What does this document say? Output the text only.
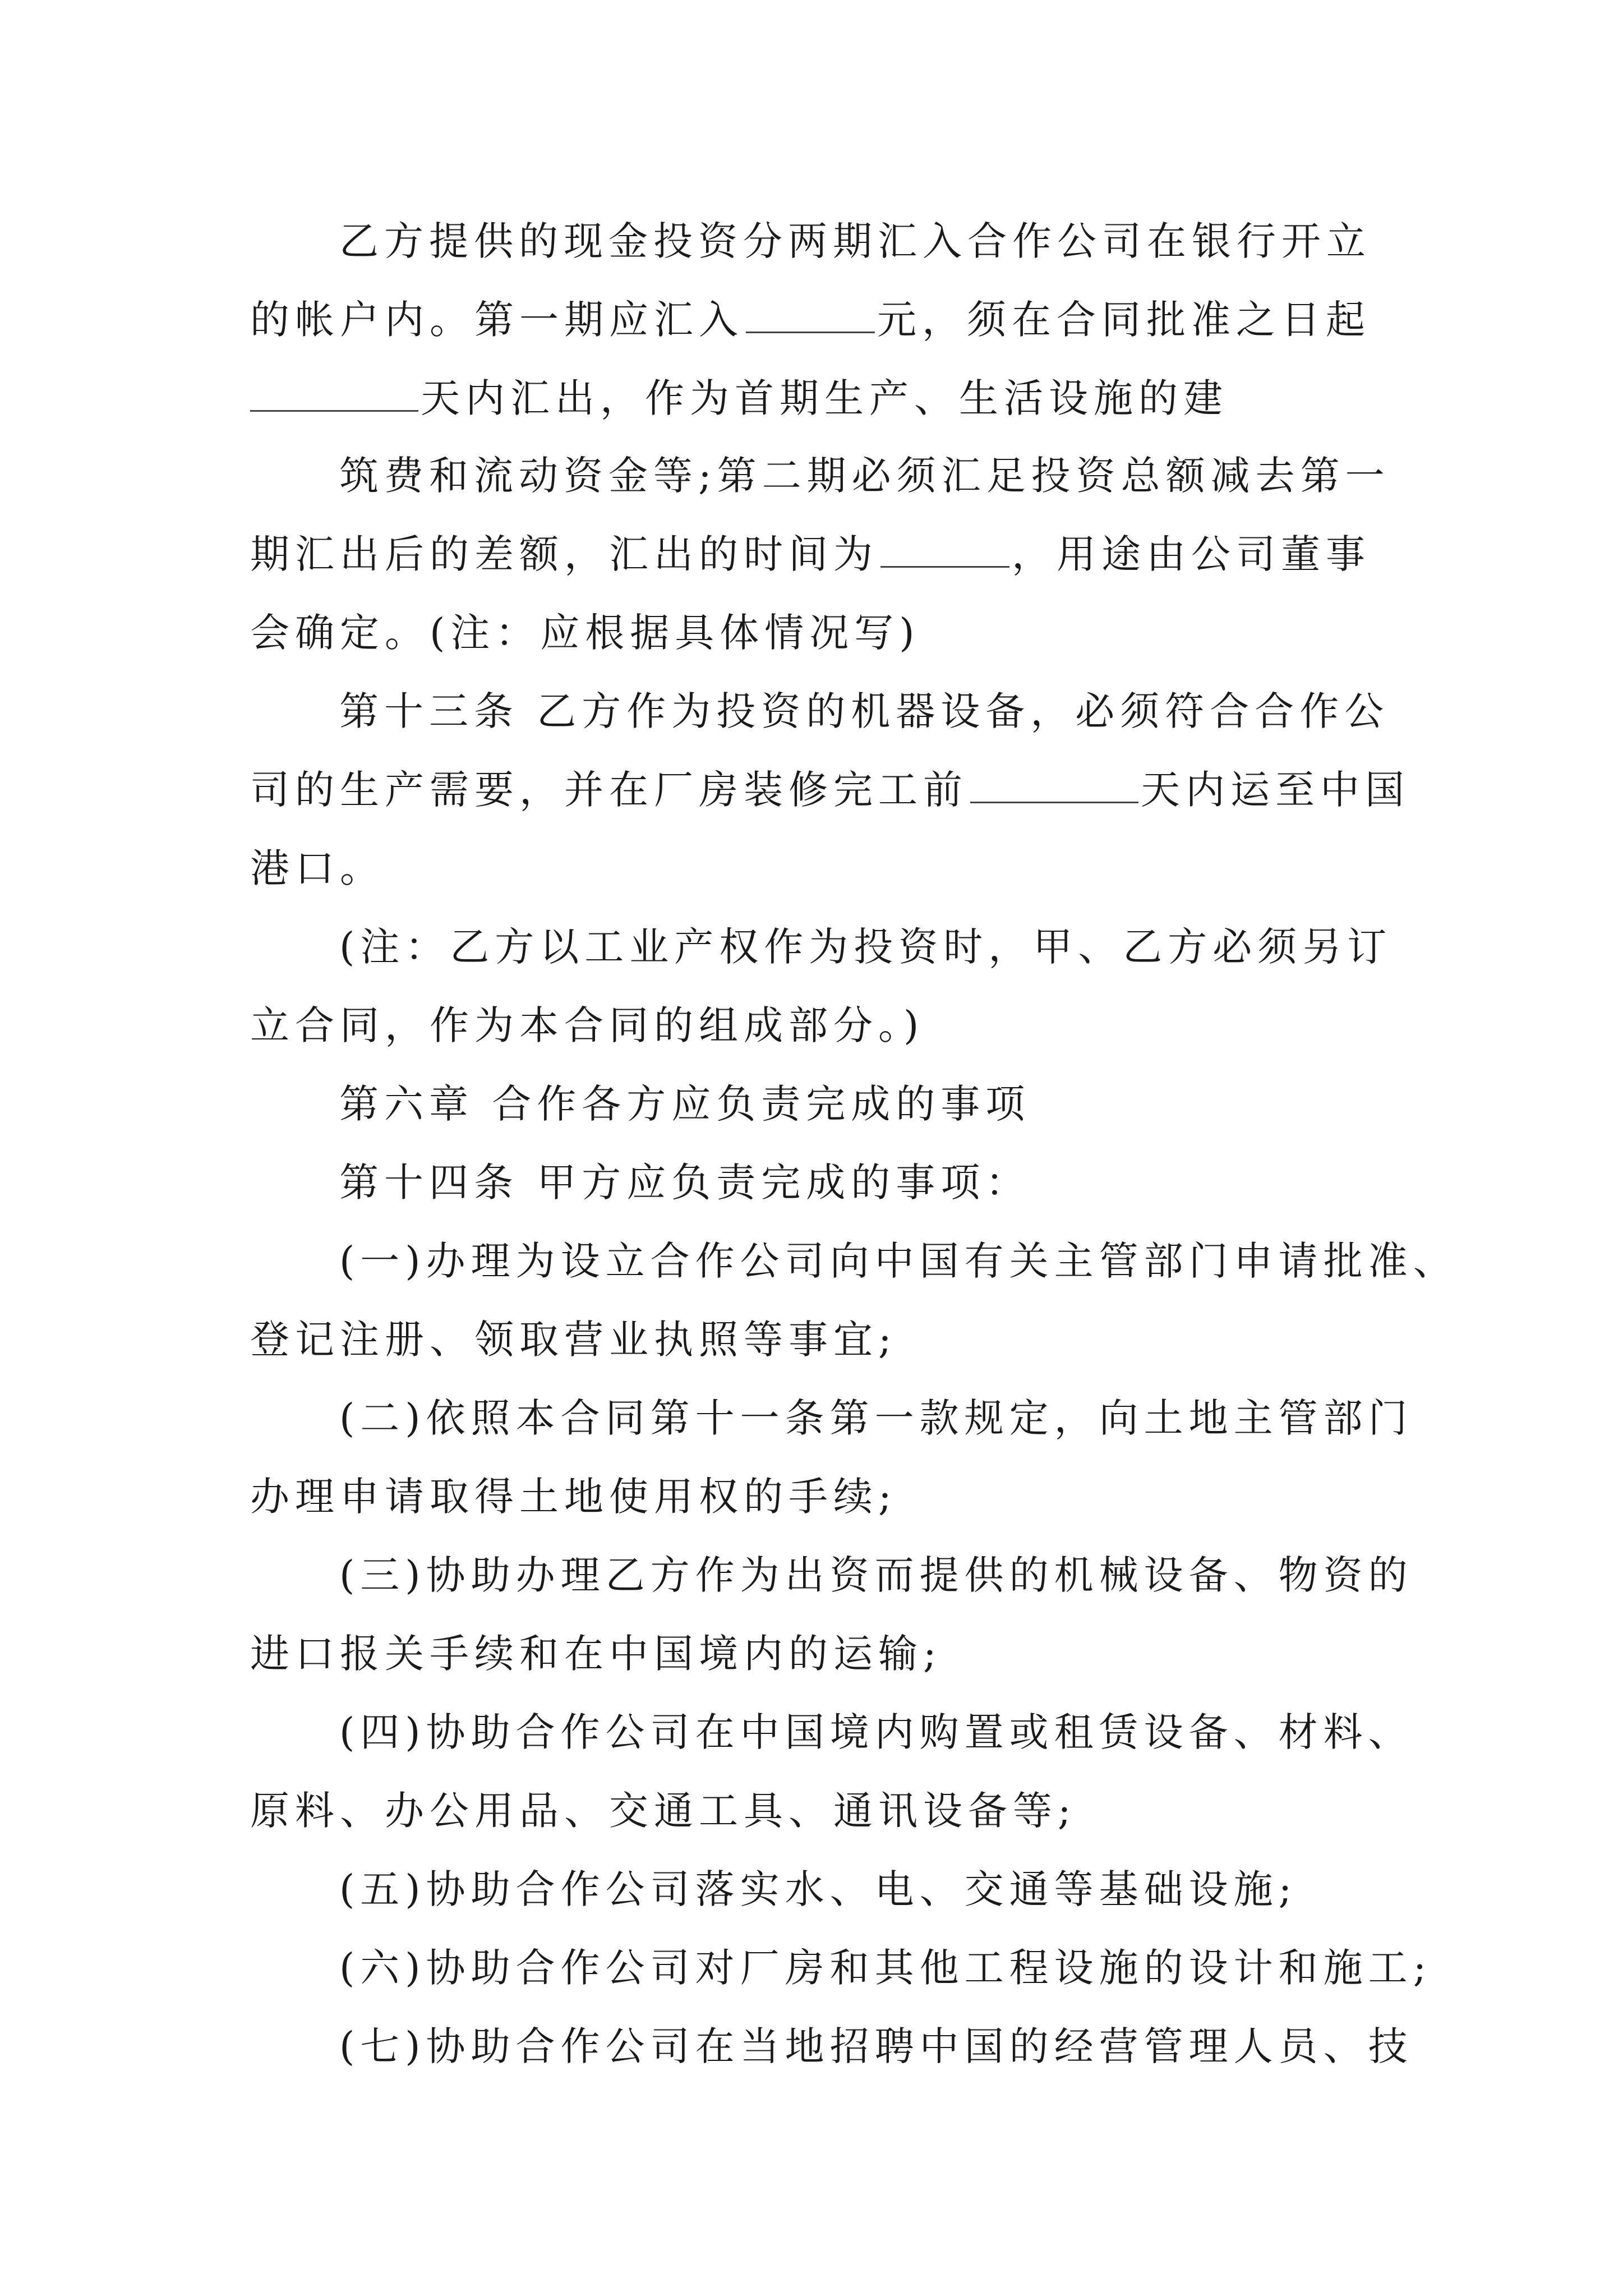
乙方提供的现金投资分两期汇入合作公司在银行开立
的帐户内。第一期应汇入	元，须在合同批准之日起
天内汇出，作为首期生产、生活设施的建
筑费和流动资金等;第二期必须汇足投资总额减去第一
期汇出后的差额，汇出的时间为	，用途由公司董事
会确定。(注：应根据具体情况写)
第十三条 乙方作为投资的机器设备，必须符合合作公
司的生产需要，并在厂房装修完工前	天内运至中国
港口。
(注：乙方以工业产权作为投资时，甲、乙方必须另订
立合同，作为本合同的组成部分。)
第六章 合作各方应负责完成的事项
第十四条 甲方应负责完成的事项：
(一)办理为设立合作公司向中国有关主管部门申请批准、
登记注册、领取营业执照等事宜;
(二)依照本合同第十一条第一款规定，向土地主管部门
办理申请取得土地使用权的手续;
(三)协助办理乙方作为出资而提供的机械设备、物资的
进口报关手续和在中国境内的运输;
(四)协助合作公司在中国境内购置或租赁设备、材料、
原料、办公用品、交通工具、通讯设备等;
(五)协助合作公司落实水、电、交通等基础设施;
(六)协助合作公司对厂房和其他工程设施的设计和施工;
(七)协助合作公司在当地招聘中国的经营管理人员、技
